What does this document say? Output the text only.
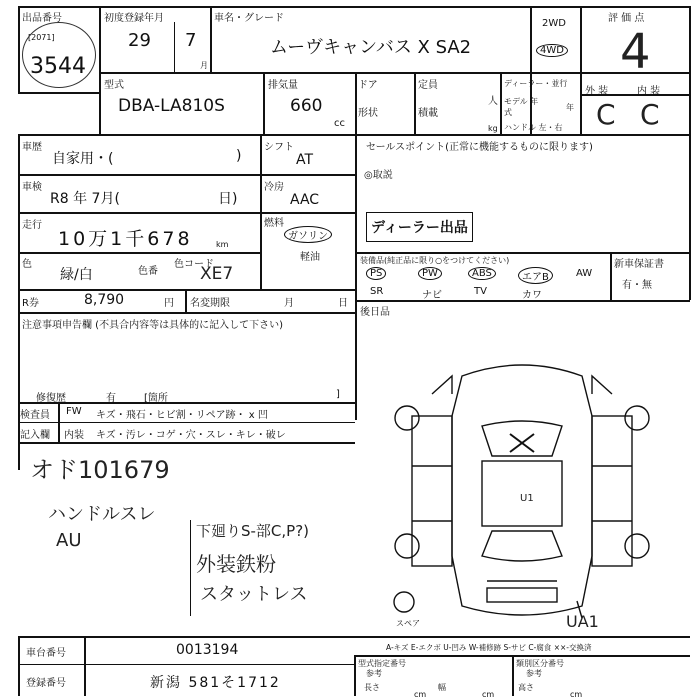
出品番号
[2071]
3544
初度登録年月
29 7
月
車名・グレード
ムーヴキャンバス X SA2
2WD
4WD
評 価 点
4
型式
DBA-LA810S
排気量
660
cc
ドア
形状
定員
人
積載
kg
ディーラー・並行
モデル 年式
年
ハンドル 左・右
外 装	内 装
C C
車歴
自家用・(	)
車検
R8 年 7月(	日)
走行
10万1千678	km
色
緑/白	色番
色コード
XE7
R券	8,790	円 名変期限	月	日
シフト
AT
冷房
AAC
燃料
ガソリン
軽油
セールスポイント(正常に機能するものに限ります)
◎取説
ディーラー出品
装備品(純正品に限り○をつけてください)
PS	PW	ABS	エアB	AW
SR	ナビ	TV	カワ
新車保証書
有・無
後日品
注意事項申告欄 (不具合内容等は具体的に記入して下さい)
修復歴	有	[箇所	]
検査員
記入欄
FW キズ・飛石・ヒビ割・リペア跡・ x 凹
内装 キズ・汚レ・コゲ・穴・スレ・キレ・破レ
オド101679
ハンドルスレ
AU	下廻りS-部C,P?)
外装鉄粉
スタットレス
U1
スペア	UA1
車台番号	0013194
登録番号	新潟 581そ1712
A-キズ E-エクボ U-凹み W-補修跡 S-サビ C-腐食 ××-交換済
型式指定番号
参考
長さ
cm
幅
cm
類別区分番号
参考
高さ
cm
